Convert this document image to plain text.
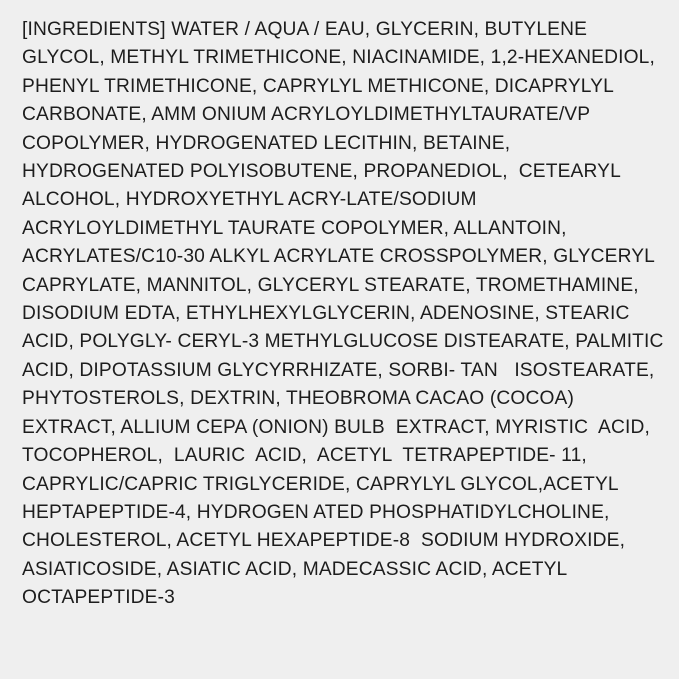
[INGREDIENTS] WATER / AQUA / EAU, GLYCERIN, BUTYLENE GLYCOL, METHYL TRIMETHICONE, NIACINAMIDE, 1,2-HEXANEDIOL, PHENYL TRIMETHICONE, CAPRYLYL METHICONE, DICAPRYLYL CARBONATE, AMM ONIUM ACRYLOYLDIMETHYLTAURATE/VP COPOLYMER, HYDROGENATED LECITHIN, BETAINE, HYDROGENATED POLYISOBUTENE, PROPANEDIOL,  CETEARYL    ALCOHOL, HYDROXYETHYL ACRY-LATE/SODIUM ACRYLOYLDIMETHYL TAURATE COPOLYMER, ALLANTOIN, ACRYLATES/C10-30 ALKYL ACRYLATE CROSSPOLYMER, GLYCERYL CAPRYLATE, MANNITOL, GLYCERYL STEARATE, TROMETHAMINE,    DISODIUM EDTA, ETHYLHEXYLGLYCERIN, ADENOSINE, STEARIC ACID, POLYGLY- CERYL-3 METHYLGLUCOSE DISTEARATE, PALMITIC ACID, DIPOTASSIUM GLYCYRRHIZATE, SORBI- TAN   ISOSTEARATE, PHYTOSTEROLS, DEXTRIN, THEOBROMA CACAO (COCOA) EXTRACT, ALLIUM CEPA (ONION) BULB  EXTRACT, MYRISTIC  ACID,  TOCOPHEROL,  LAURIC  ACID,  ACETYL  TETRAPEPTIDE- 11,    CAPRYLIC/CAPRIC TRIGLYCERIDE, CAPRYLYL GLYCOL,ACETYL    HEPTAPEPTIDE-4, HYDROGEN ATED PHOSPHATIDYLCHOLINE,    CHOLESTEROL, ACETYL HEXAPEPTIDE-8  SODIUM HYDROXIDE, ASIATICOSIDE, ASIATIC ACID, MADECASSIC ACID, ACETYL OCTAPEPTIDE-3
